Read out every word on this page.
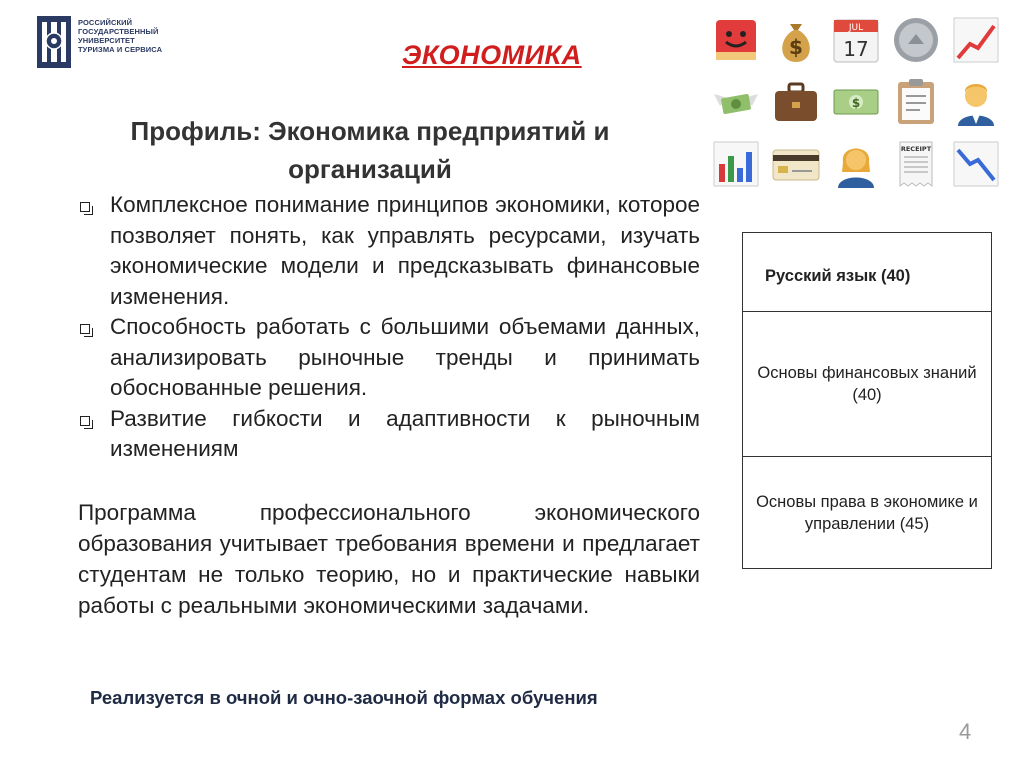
РОССИЙСКИЙ
ГОСУДАРСТВЕННЫЙ
УНИВЕРСИТЕТ
ТУРИЗМА И СЕРВИСА	ЭКОНОМИКА
Профиль: Экономика предприятий и организаций
Комплексное понимание принципов экономики, которое позволяет понять, как управлять ресурсами, изучать экономические модели и предсказывать финансовые изменения.
Способность работать с большими объемами данных, анализировать рыночные тренды и принимать обоснованные решения.
Развитие гибкости и адаптивности к рыночным изменениям
Программа профессионального экономического образования учитывает требования времени и предлагает студентам не только теорию, но и практические навыки работы с реальными экономическими задачами.
Русский язык (40)
Основы финансовых знаний (40)
Основы права в экономике и управлении (45)
Реализуется в очной и очно-заочной формах обучения
4
$
JUL
17
$
RECEIPT
